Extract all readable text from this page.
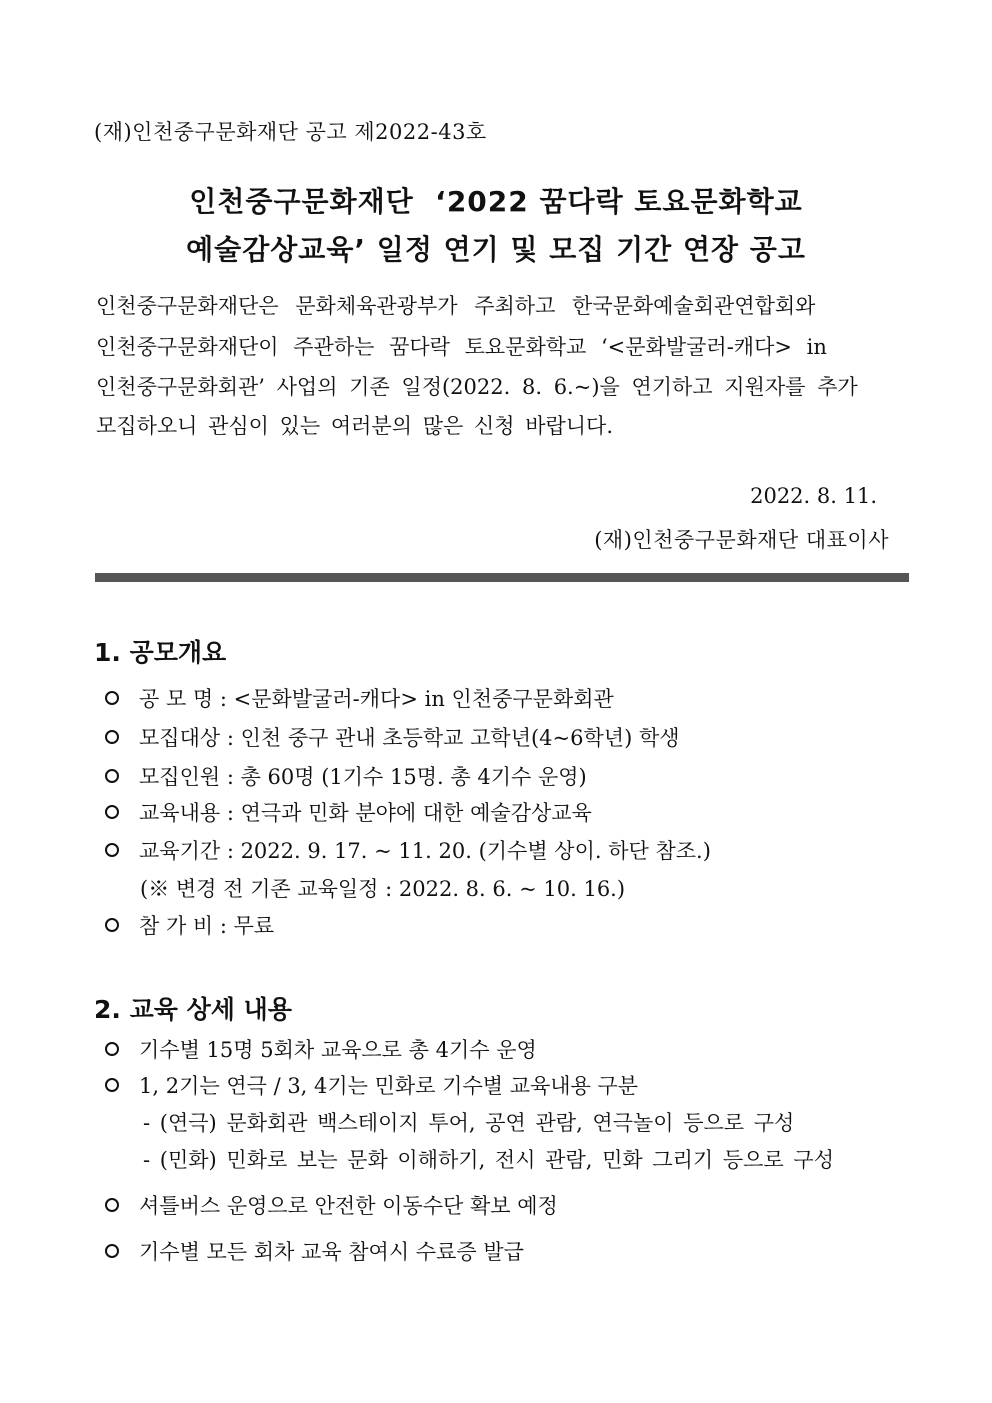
(재)인천중구문화재단 공고 제2022-43호
인천중구문화재단  ‘2022 꿈다락 토요문화학교
예술감상교육’ 일정 연기 및 모집 기간 연장 공고
인천중구문화재단은 문화체육관광부가 주최하고 한국문화예술회관연합회와
인천중구문화재단이 주관하는 꿈다락 토요문화학교 ‘<문화발굴러-캐다> in
인천중구문화회관’ 사업의 기존 일정(2022. 8. 6.~)을 연기하고 지원자를 추가
모집하오니 관심이 있는 여러분의 많은 신청 바랍니다.
2022. 8. 11.
(재)인천중구문화재단 대표이사
1. 공모개요
공 모 명 : <문화발굴러-캐다> in 인천중구문화회관
모집대상 : 인천 중구 관내 초등학교 고학년(4~6학년) 학생
모집인원 : 총 60명 (1기수 15명. 총 4기수 운영)
교육내용 : 연극과 민화 분야에 대한 예술감상교육
교육기간 : 2022. 9. 17. ~ 11. 20. (기수별 상이. 하단 참조.)
(※ 변경 전 기존 교육일정 : 2022. 8. 6. ~ 10. 16.)
참 가 비 : 무료
2. 교육 상세 내용
기수별 15명 5회차 교육으로 총 4기수 운영
1, 2기는 연극 / 3, 4기는 민화로 기수별 교육내용 구분
- (연극) 문화회관 백스테이지 투어, 공연 관람, 연극놀이 등으로 구성
- (민화) 민화로 보는 문화 이해하기, 전시 관람, 민화 그리기 등으로 구성
셔틀버스 운영으로 안전한 이동수단 확보 예정
기수별 모든 회차 교육 참여시 수료증 발급
